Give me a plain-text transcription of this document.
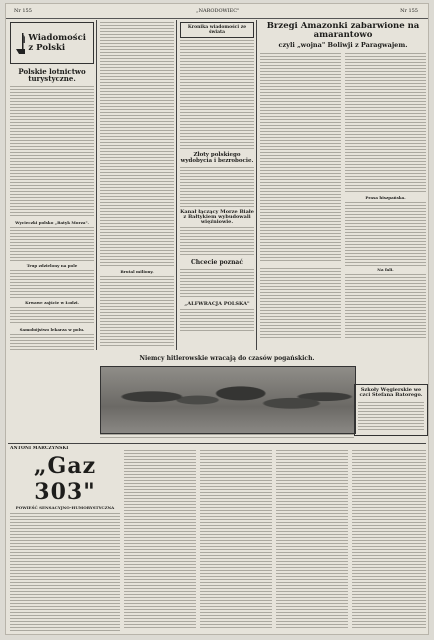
Nr 155	„NARODOWIEC"	Nr 155
Wiadomości z Polski
Polskie lotnictwo turystyczne.
Wycieczki polsko „Batyk Morza".
Trup zdzielony na pole
Krwawe zajście w Łodzi.
Samobójstwo lekarza w polu.
Brutal miliony.
Kronika wiadomości ze świata
Złoty polskiego wydobycia i bezrobocie.
Kanał łączący Morze Białe z Bałtykiem wybudowali więźniowie.
Chcecie poznać
„ALFWRACJA POLSKA"
Brzegi Amazonki zabarwione na amarantowo
czyli „wojna" Boliwji z Paragwajem.
Prasa hiszpańska.
Na fali.
Niemcy hitlerowskie wracają do czasów pogańskich.
Szkoły Węgierskie we czci Stefana Batorego.
ANTONI MARCZYŃSKI
„Gaz 303"
POWIEŚĆ SENSACYJNO-HUMORYSTYCZNA
